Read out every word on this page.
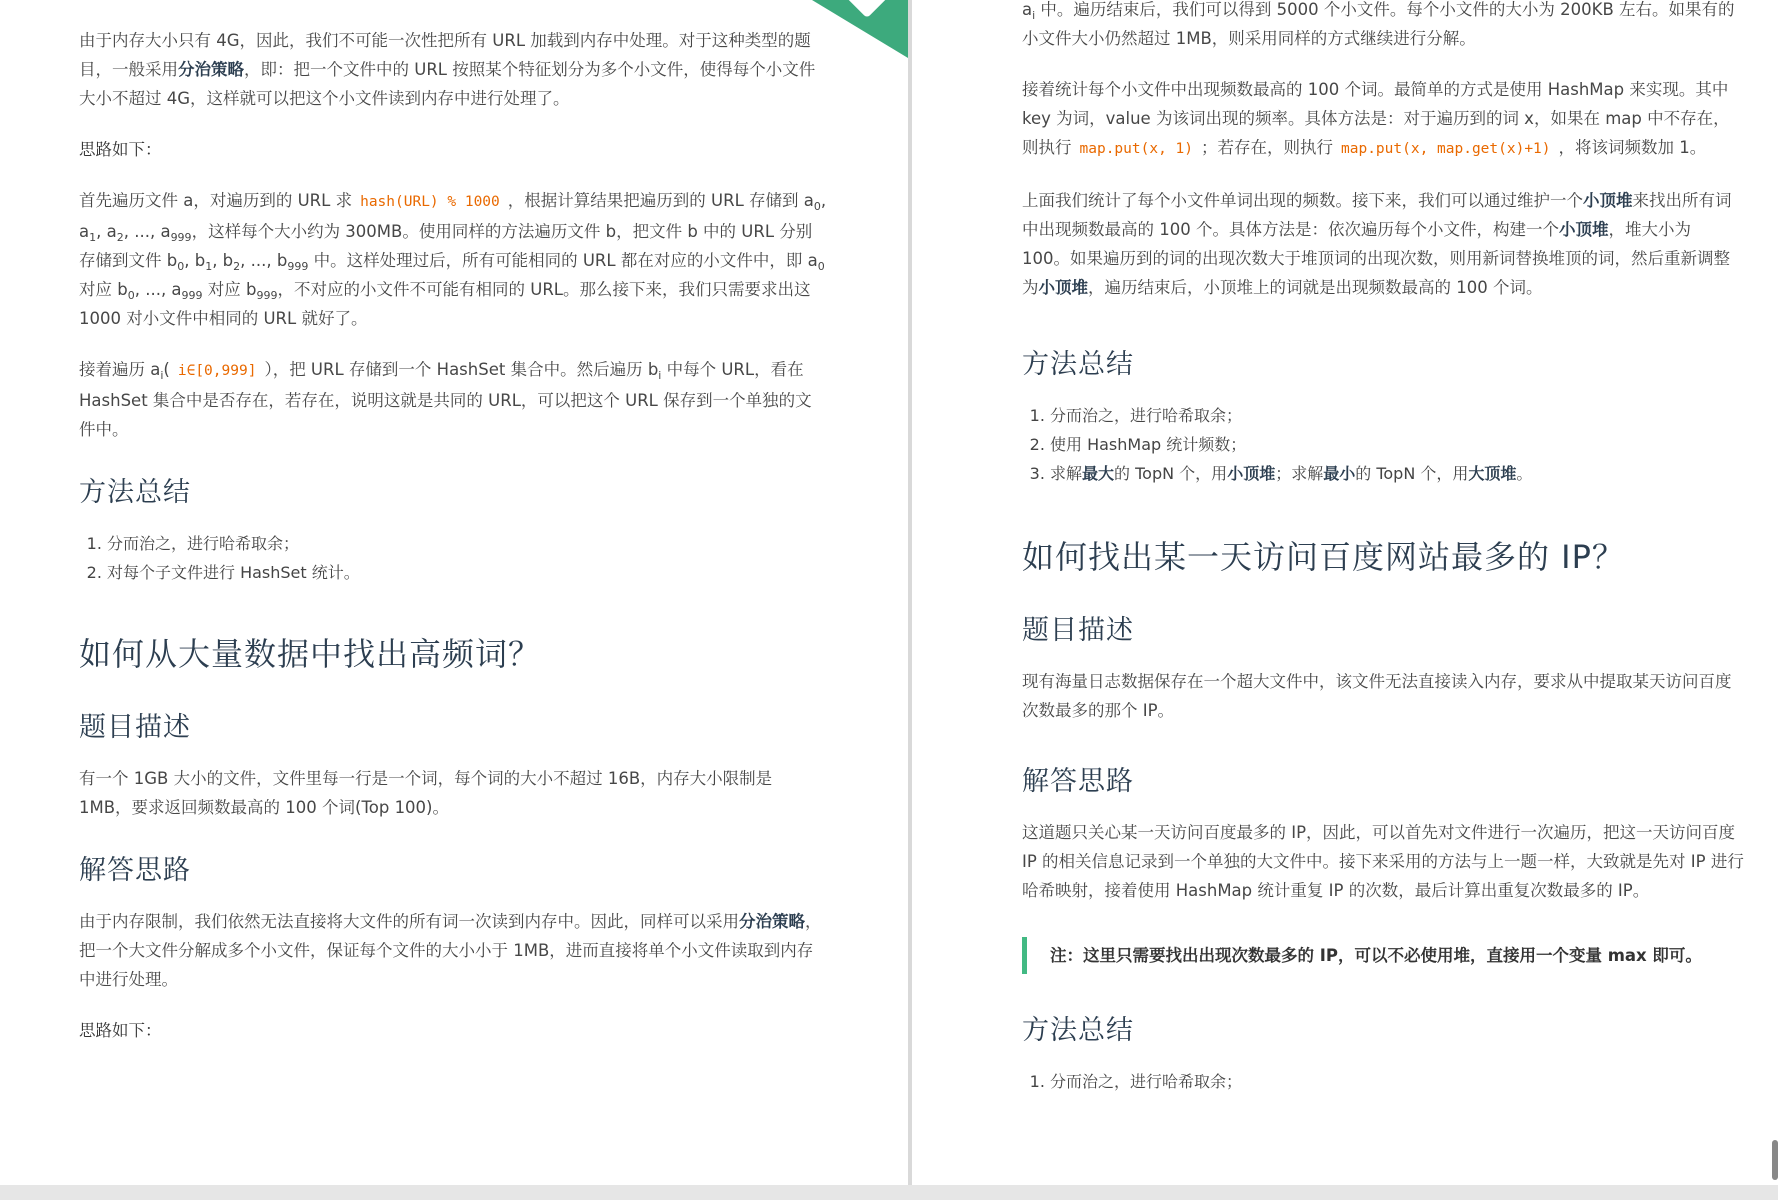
由于内存大小只有 4G，因此，我们不可能一次性把所有 URL 加载到内存中处理。对于这种类型的题目，一般采用分治策略，即：把一个文件中的 URL 按照某个特征划分为多个小文件，使得每个小文件大小不超过 4G，这样就可以把这个小文件读到内存中进行处理了。

思路如下：

首先遍历文件 a，对遍历到的 URL 求 hash(URL) % 1000 ，根据计算结果把遍历到的 URL 存储到 $a_0$, $a_1$, $a_2$, ..., $a_{999}$，这样每个大小约为 300MB。使用同样的方法遍历文件 b，把文件 b 中的 URL 分别存储到文件 $b_0$, $b_1$, $b_2$, ..., $b_{999}$ 中。这样处理过后，所有可能相同的 URL 都在对应的小文件中，即 $a_0$ 对应 $b_0$, ..., $a_{999}$ 对应 $b_{999}$，不对应的小文件不可能有相同的 URL。那么接下来，我们只需要求出这 1000 对小文件中相同的 URL 就好了。

接着遍历 $a_i$( i∈[0,999] ），把 URL 存储到一个 HashSet 集合中。然后遍历 $b_i$ 中每个 URL，看在 HashSet 集合中是否存在，若存在，说明这就是共同的 URL，可以把这个 URL 保存到一个单独的文件中。

方法总结
1. 分而治之，进行哈希取余；
2. 对每个子文件进行 HashSet 统计。
如何从大量数据中找出高频词？
题目描述

有一个 1GB 大小的文件，文件里每一行是一个词，每个词的大小不超过 16B，内存大小限制是 1MB，要求返回频数最高的 100 个词(Top 100)。

解答思路

由于内存限制，我们依然无法直接将大文件的所有词一次读到内存中。因此，同样可以采用分治策略，把一个大文件分解成多个小文件，保证每个文件的大小小于 1MB，进而直接将单个小文件读取到内存中进行处理。

思路如下：

$a_i$ 中。遍历结束后，我们可以得到 5000 个小文件。每个小文件的大小为 200KB 左右。如果有的小文件大小仍然超过 1MB，则采用同样的方式继续进行分解。

接着统计每个小文件中出现频数最高的 100 个词。最简单的方式是使用 HashMap 来实现。其中 key 为词，value 为该词出现的频率。具体方法是：对于遍历到的词 x，如果在 map 中不存在，则执行 map.put(x, 1) ；若存在，则执行 map.put(x, map.get(x)+1) ，将该词频数加 1。

上面我们统计了每个小文件单词出现的频数。接下来，我们可以通过维护一个小顶堆来找出所有词中出现频数最高的 100 个。具体方法是：依次遍历每个小文件，构建一个小顶堆，堆大小为 100。如果遍历到的词的出现次数大于堆顶词的出现次数，则用新词替换堆顶的词，然后重新调整为小顶堆，遍历结束后，小顶堆上的词就是出现频数最高的 100 个词。

方法总结
1. 分而治之，进行哈希取余；
2. 使用 HashMap 统计频数；
3. 求解最大的 TopN 个，用小顶堆；求解最小的 TopN 个，用大顶堆。
如何找出某一天访问百度网站最多的 IP？
题目描述

现有海量日志数据保存在一个超大文件中，该文件无法直接读入内存，要求从中提取某天访问百度次数最多的那个 IP。

解答思路

这道题只关心某一天访问百度最多的 IP，因此，可以首先对文件进行一次遍历，把这一天访问百度 IP 的相关信息记录到一个单独的大文件中。接下来采用的方法与上一题一样，大致就是先对 IP 进行哈希映射，接着使用 HashMap 统计重复 IP 的次数，最后计算出重复次数最多的 IP。

注：这里只需要找出出现次数最多的 IP，可以不必使用堆，直接用一个变量 max 即可。

方法总结
1. 分而治之，进行哈希取余；
